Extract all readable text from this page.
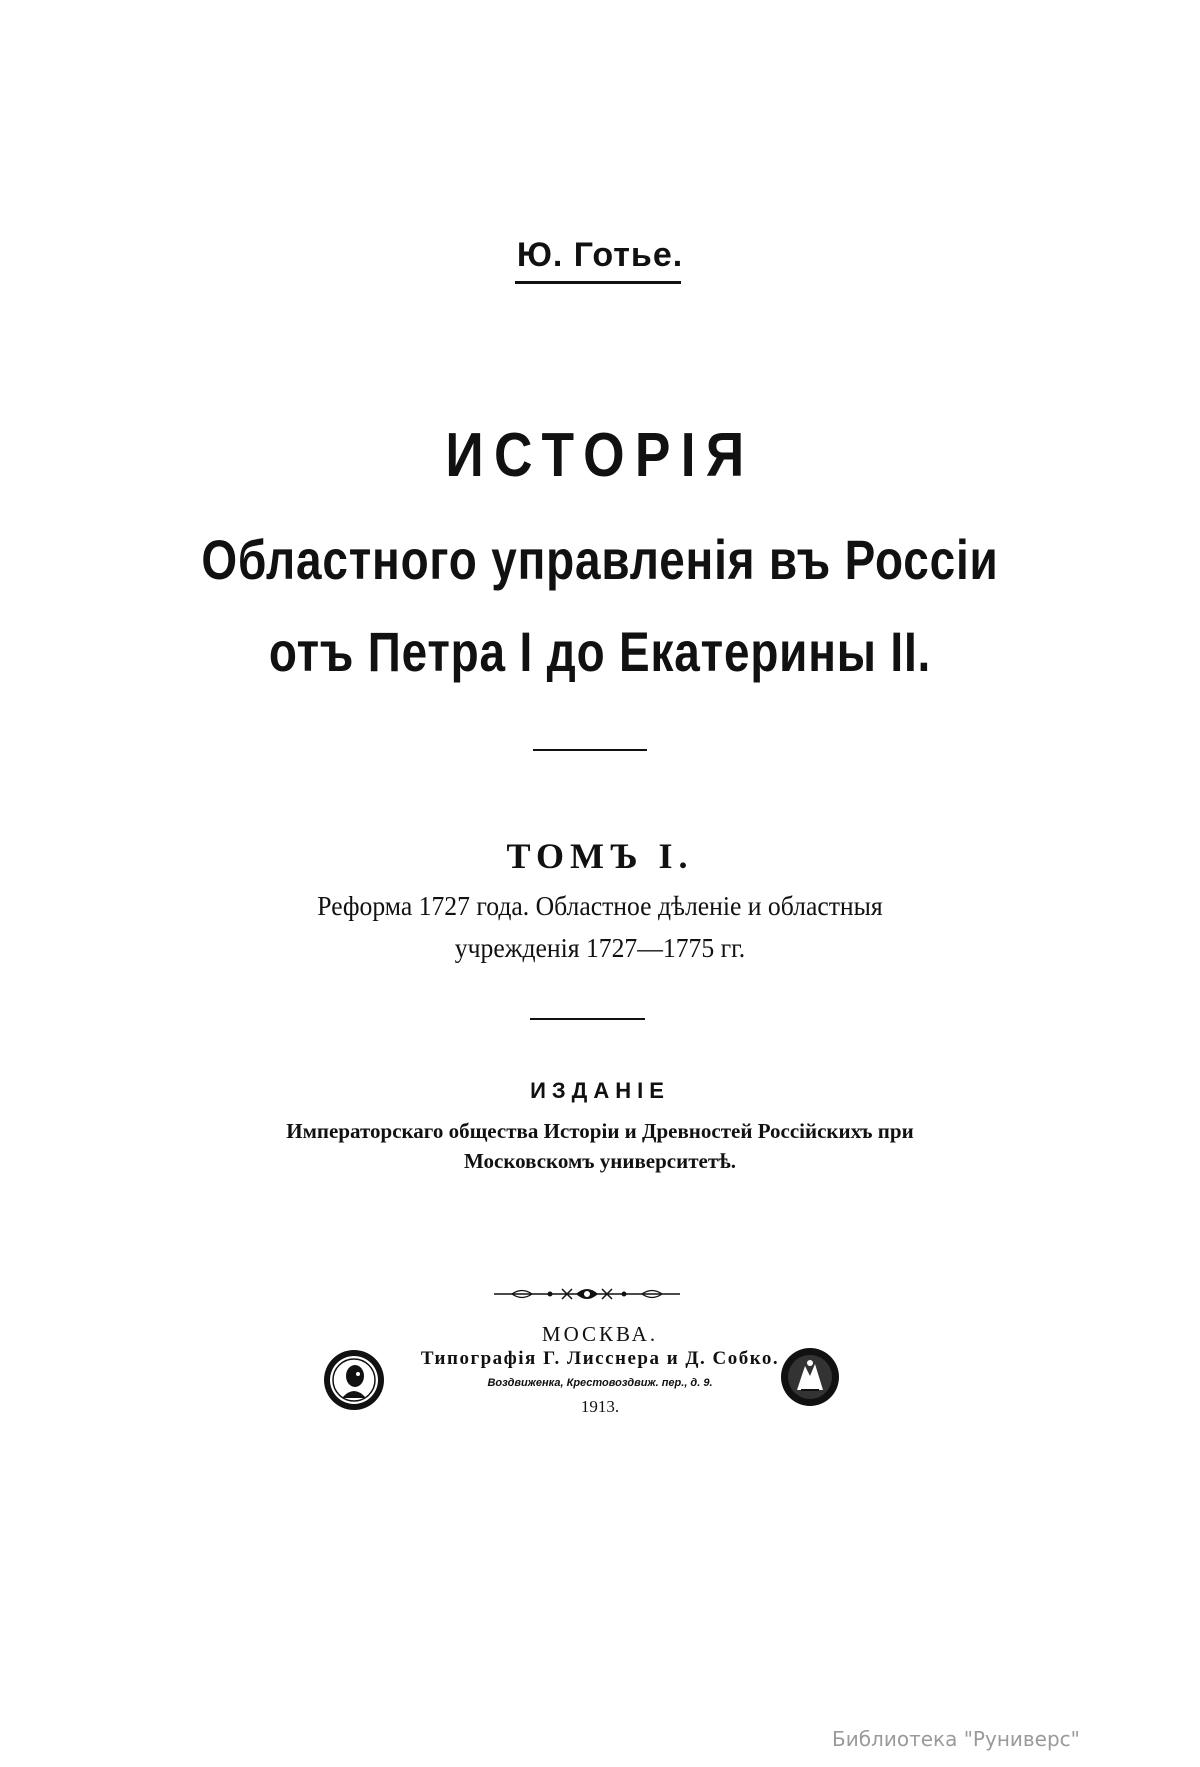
Ю. Готье.
ИСТОРІЯ
Областного управленія въ Россіи
отъ Петра I до Екатерины II.
ТОМЪ I.
Реформа 1727 года. Областное дѣленіе и областныя
учрежденія 1727—1775 гг.
ИЗДАНІЕ
Императорскаго общества Исторіи и Древностей Россійскихъ при
Московскомъ университетѣ.
МОСКВА.
Типографія Г. Лисснера и Д. Собко.
Воздвиженка, Крестовоздвиж. пер., д. 9.
1913.
Библиотека "Руниверс"
